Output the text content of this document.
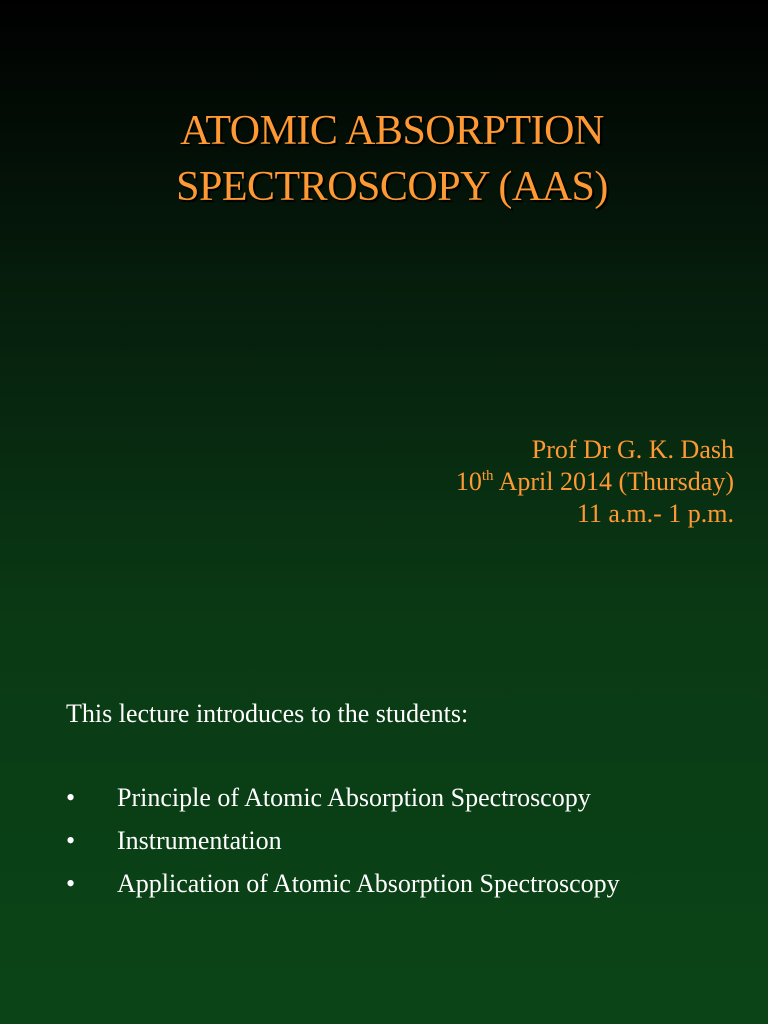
ATOMIC ABSORPTION
SPECTROSCOPY (AAS)
Prof Dr G. K. Dash
10th April 2014 (Thursday)
11 a.m.- 1 p.m.
This lecture introduces to the students:
• Principle of Atomic Absorption Spectroscopy
• Instrumentation
• Application of Atomic Absorption Spectroscopy
